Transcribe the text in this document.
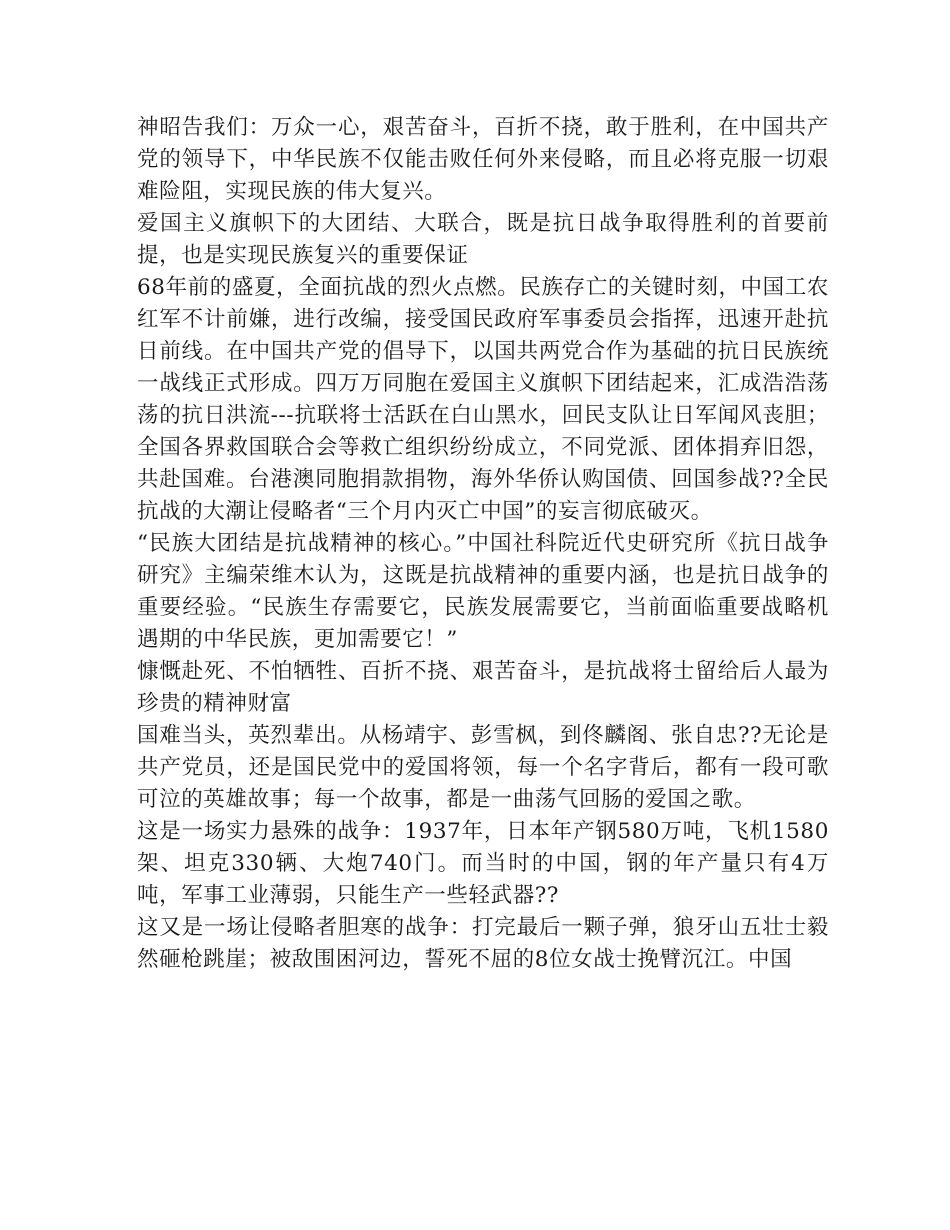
神昭告我们：万众一心，艰苦奋斗，百折不挠，敢于胜利，在中国共产党的领导下，中华民族不仅能击败任何外来侵略，而且必将克服一切艰难险阻，实现民族的伟大复兴。

爱国主义旗帜下的大团结、大联合，既是抗日战争取得胜利的首要前提，也是实现民族复兴的重要保证

68年前的盛夏，全面抗战的烈火点燃。民族存亡的关键时刻，中国工农红军不计前嫌，进行改编，接受国民政府军事委员会指挥，迅速开赴抗日前线。在中国共产党的倡导下，以国共两党合作为基础的抗日民族统一战线正式形成。四万万同胞在爱国主义旗帜下团结起来，汇成浩浩荡荡的抗日洪流---抗联将士活跃在白山黑水，回民支队让日军闻风丧胆；全国各界救国联合会等救亡组织纷纷成立，不同党派、团体捐弃旧怨，共赴国难。台港澳同胞捐款捐物，海外华侨认购国债、回国参战??全民抗战的大潮让侵略者“三个月内灭亡中国”的妄言彻底破灭。

“民族大团结是抗战精神的核心。”中国社科院近代史研究所《抗日战争研究》主编荣维木认为，这既是抗战精神的重要内涵，也是抗日战争的重要经验。“民族生存需要它，民族发展需要它，当前面临重要战略机遇期的中华民族，更加需要它！”

慷慨赴死、不怕牺牲、百折不挠、艰苦奋斗，是抗战将士留给后人最为珍贵的精神财富

国难当头，英烈辈出。从杨靖宇、彭雪枫，到佟麟阁、张自忠??无论是共产党员，还是国民党中的爱国将领，每一个名字背后，都有一段可歌可泣的英雄故事；每一个故事，都是一曲荡气回肠的爱国之歌。

这是一场实力悬殊的战争：1937年，日本年产钢580万吨，飞机1580架、坦克330辆、大炮740门。而当时的中国，钢的年产量只有4万吨，军事工业薄弱，只能生产一些轻武器??

这又是一场让侵略者胆寒的战争：打完最后一颗子弹，狼牙山五壮士毅然砸枪跳崖；被敌围困河边，誓死不屈的8位女战士挽臂沉江。中国
